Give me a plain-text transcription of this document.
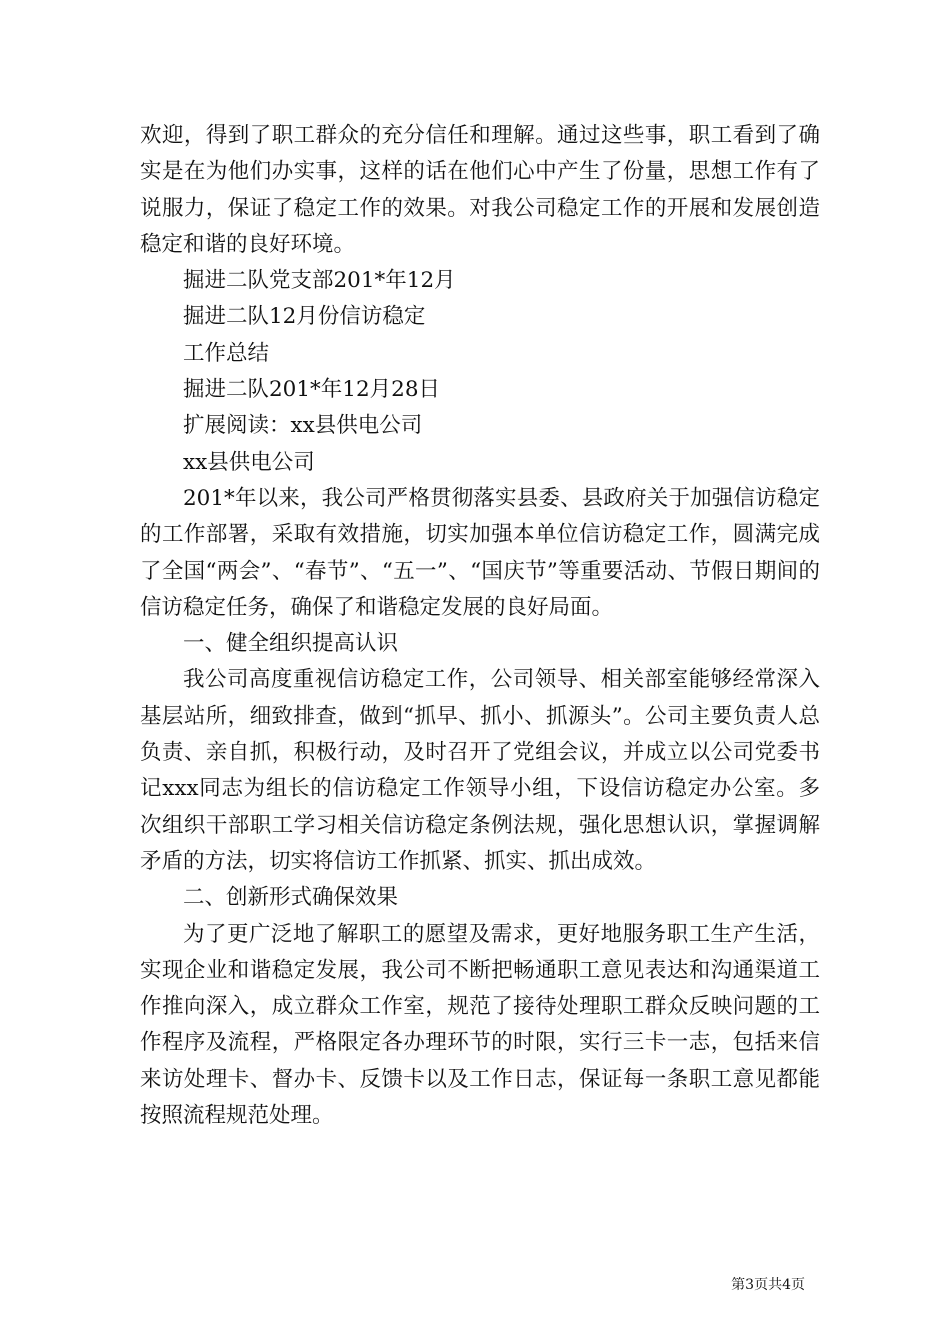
欢迎，得到了职工群众的充分信任和理解。通过这些事，职工看到了确实是在为他们办实事，这样的话在他们心中产生了份量，思想工作有了说服力，保证了稳定工作的效果。对我公司稳定工作的开展和发展创造稳定和谐的良好环境。

掘进二队党支部201*年12月

掘进二队12月份信访稳定

工作总结

掘进二队201*年12月28日

扩展阅读：xx县供电公司

xx县供电公司

201*年以来，我公司严格贯彻落实县委、县政府关于加强信访稳定的工作部署，采取有效措施，切实加强本单位信访稳定工作，圆满完成了全国“两会”、“春节”、“五一”、“国庆节”等重要活动、节假日期间的信访稳定任务，确保了和谐稳定发展的良好局面。

一、健全组织提高认识

我公司高度重视信访稳定工作，公司领导、相关部室能够经常深入基层站所，细致排查，做到“抓早、抓小、抓源头”。公司主要负责人总负责、亲自抓，积极行动，及时召开了党组会议，并成立以公司党委书记xxx同志为组长的信访稳定工作领导小组，下设信访稳定办公室。多次组织干部职工学习相关信访稳定条例法规，强化思想认识，掌握调解矛盾的方法，切实将信访工作抓紧、抓实、抓出成效。

二、创新形式确保效果

为了更广泛地了解职工的愿望及需求，更好地服务职工生产生活，实现企业和谐稳定发展，我公司不断把畅通职工意见表达和沟通渠道工作推向深入，成立群众工作室，规范了接待处理职工群众反映问题的工作程序及流程，严格限定各办理环节的时限，实行三卡一志，包括来信来访处理卡、督办卡、反馈卡以及工作日志，保证每一条职工意见都能按照流程规范处理。

第3页共4页
